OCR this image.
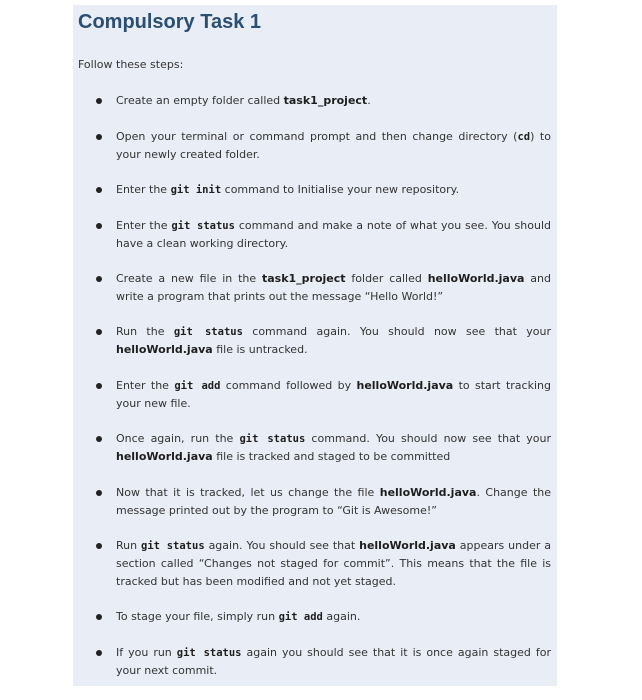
Compulsory Task 1

Follow these steps:

Create an empty folder called task1_project.
Open your terminal or command prompt and then change directory (cd) to your newly created folder.
Enter the git init command to Initialise your new repository.
Enter the git status command and make a note of what you see. You should have a clean working directory.
Create a new file in the task1_project folder called helloWorld.java and write a program that prints out the message “Hello World!”
Run the git status command again. You should now see that your helloWorld.java file is untracked.
Enter the git add command followed by helloWorld.java to start tracking your new file.
Once again, run the git status command. You should now see that your helloWorld.java file is tracked and staged to be committed
Now that it is tracked, let us change the file helloWorld.java. Change the message printed out by the program to “Git is Awesome!”
Run git status again. You should see that helloWorld.java appears under a section called “Changes not staged for commit”. This means that the file is tracked but has been modified and not yet staged.
To stage your file, simply run git add again.
If you run git status again you should see that it is once again staged for your next commit.
